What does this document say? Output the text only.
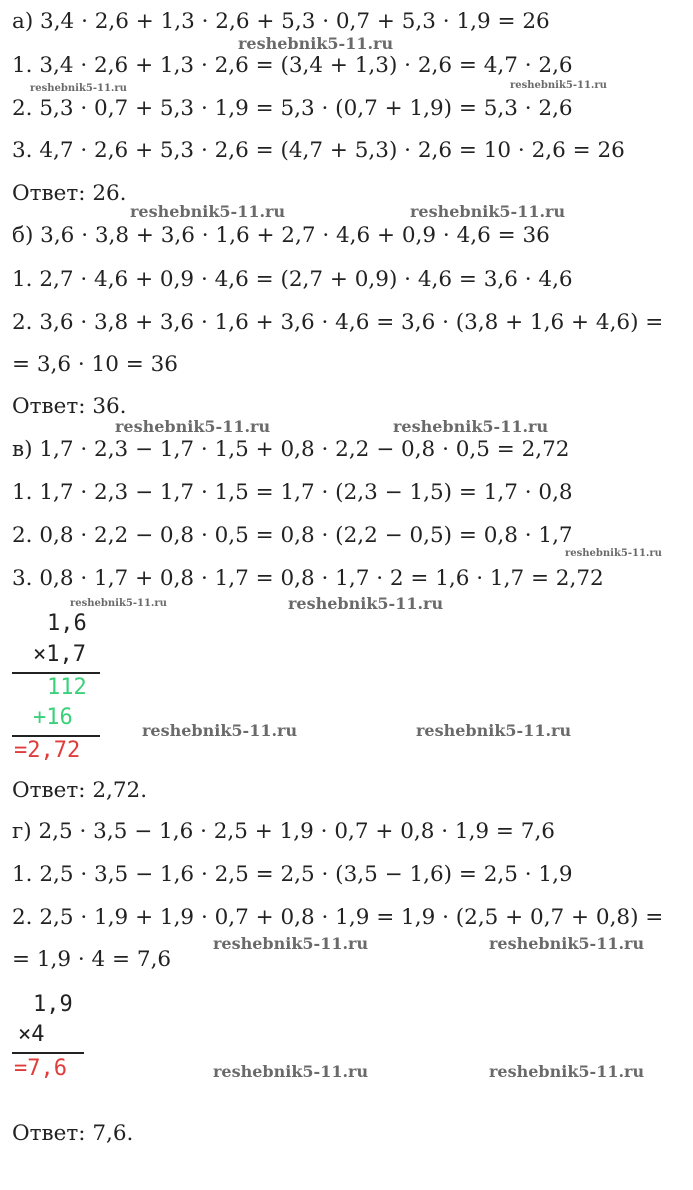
а) 3,4 · 2,6 + 1,3 · 2,6 + 5,3 · 0,7 + 5,3 · 1,9 = 26
1. 3,4 · 2,6 + 1,3 · 2,6 = (3,4 + 1,3) · 2,6 = 4,7 · 2,6
2. 5,3 · 0,7 + 5,3 · 1,9 = 5,3 · (0,7 + 1,9) = 5,3 · 2,6
3. 4,7 · 2,6 + 5,3 · 2,6 = (4,7 + 5,3) · 2,6 = 10 · 2,6 = 26
Ответ: 26.
б) 3,6 · 3,8 + 3,6 · 1,6 + 2,7 · 4,6 + 0,9 · 4,6 = 36
1. 2,7 · 4,6 + 0,9 · 4,6 = (2,7 + 0,9) · 4,6 = 3,6 · 4,6
2. 3,6 · 3,8 + 3,6 · 1,6 + 3,6 · 4,6 = 3,6 · (3,8 + 1,6 + 4,6) =
= 3,6 · 10 = 36
Ответ: 36.
в) 1,7 · 2,3 − 1,7 · 1,5 + 0,8 · 2,2 − 0,8 · 0,5 = 2,72
1. 1,7 · 2,3 − 1,7 · 1,5 = 1,7 · (2,3 − 1,5) = 1,7 · 0,8
2. 0,8 · 2,2 − 0,8 · 0,5 = 0,8 · (2,2 − 0,5) = 0,8 · 1,7
3. 0,8 · 1,7 + 0,8 · 1,7 = 0,8 · 1,7 · 2 = 1,6 · 1,7 = 2,72
1,6
×1,7
112
+16
=2,72
Ответ: 2,72.
г) 2,5 · 3,5 − 1,6 · 2,5 + 1,9 · 0,7 + 0,8 · 1,9 = 7,6
1. 2,5 · 3,5 − 1,6 · 2,5 = 2,5 · (3,5 − 1,6) = 2,5 · 1,9
2. 2,5 · 1,9 + 1,9 · 0,7 + 0,8 · 1,9 = 1,9 · (2,5 + 0,7 + 0,8) =
= 1,9 · 4 = 7,6
1,9
×4
=7,6
Ответ: 7,6.
reshebnik5-11.ru
reshebnik5-11.ru	reshebnik5-11.ru
reshebnik5-11.ru	reshebnik5-11.ru
reshebnik5-11.ru	reshebnik5-11.ru
reshebnik5-11.ru
reshebnik5-11.ru	reshebnik5-11.ru
reshebnik5-11.ru	reshebnik5-11.ru
reshebnik5-11.ru	reshebnik5-11.ru
reshebnik5-11.ru	reshebnik5-11.ru
